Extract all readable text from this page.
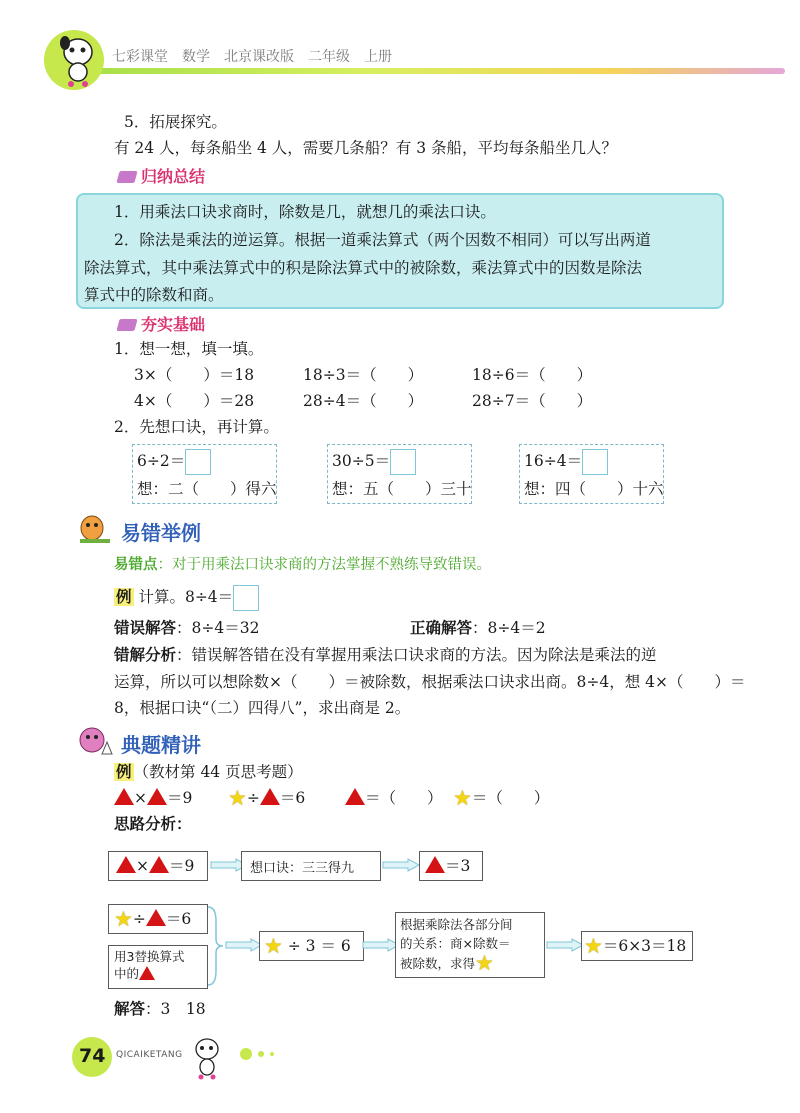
七彩课堂　数学　北京课改版　二年级　上册
5．拓展探究。
有 24 人，每条船坐 4 人，需要几条船？有 3 条船，平均每条船坐几人？
归纳总结
1．用乘法口诀求商时，除数是几，就想几的乘法口诀。
2．除法是乘法的逆运算。根据一道乘法算式（两个因数不相同）可以写出两道
除法算式，其中乘法算式中的积是除法算式中的被除数，乘法算式中的因数是除法
算式中的除数和商。
夯实基础
1．想一想，填一填。
3×（　　）＝18	18÷3＝（　　）	18÷6＝（　　）
4×（　　）＝28	28÷4＝（　　）	28÷7＝（　　）
2．先想口诀，再计算。
6÷2＝
想：二（　　）得六
30÷5＝
想：五（　　）三十
16÷4＝
想：四（　　）十六
易错举例
易错点：对于用乘法口诀求商的方法掌握不熟练导致错误。
例 计算。8÷4＝
错误解答：8÷4＝32	正确解答：8÷4＝2
错解分析：错误解答错在没有掌握用乘法口诀求商的方法。因为除法是乘法的逆
运算，所以可以想除数×（　　）＝被除数，根据乘法口诀求出商。8÷4，想 4×（　　）＝
8，根据口诀“（二）四得八”，求出商是 2。
典题精讲
例 （教材第 44 页思考题）
× ＝9 ★÷ ＝6	＝（　　） ★＝（　　）
思路分析：
× ＝9	想口诀：三三得九	＝3
★÷ ＝6
用3替换算式
中的
★ ÷ 3 ＝ 6
根据乘除法各部分间
的关系：商×除数＝
被除数，求得★
★＝6×3＝18
解答：3　18
74 QICAIKETANG
